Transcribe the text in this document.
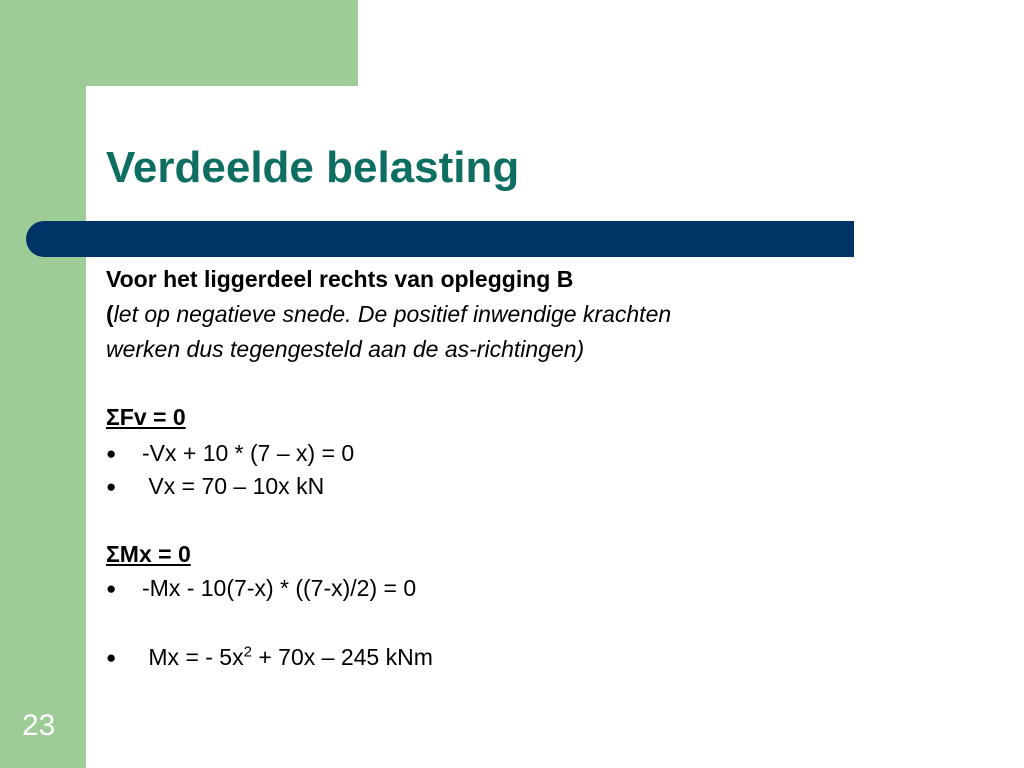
Verdeelde belasting
Voor het liggerdeel rechts van oplegging B
(let op negatieve snede. De positief inwendige krachten
werken dus tegengesteld aan de as-richtingen)
ΣFv = 0
● -Vx + 10 * (7 – x) = 0
● Vx = 70 – 10x kN
ΣMx = 0
● -Mx - 10(7-x) * ((7-x)/2) = 0
● Mx = - $5x^2 + 70x - 245$ kNm
23
